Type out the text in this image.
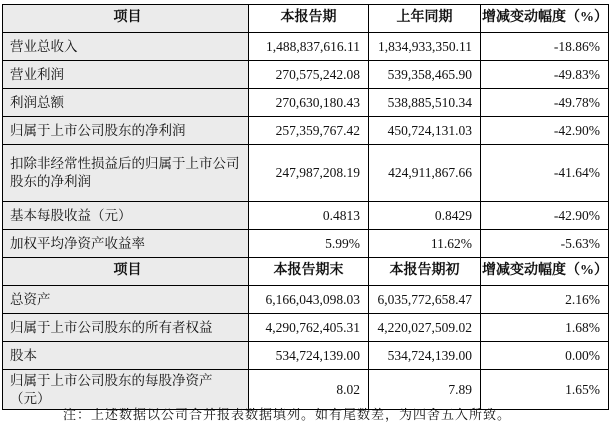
项目	本报告期	上年同期	增减变动幅度（%）
营业总收入	1,488,837,616.11	1,834,933,350.11	-18.86%
营业利润	270,575,242.08	539,358,465.90	-49.83%
利润总额	270,630,180.43	538,885,510.34	-49.78%
归属于上市公司股东的净利润	257,359,767.42	450,724,131.03	-42.90%
扣除非经常性损益后的归属于上市公司股东的净利润	247,987,208.19	424,911,867.66	-41.64%
基本每股收益（元）	0.4813	0.8429	-42.90%
加权平均净资产收益率	5.99%	11.62%	-5.63%
项目	本报告期末	本报告期初	增减变动幅度（%）
总资产	6,166,043,098.03	6,035,772,658.47	2.16%
归属于上市公司股东的所有者权益	4,290,762,405.31	4,220,027,509.02	1.68%
股本	534,724,139.00	534,724,139.00	0.00%
归属于上市公司股东的每股净资产（元）	8.02	7.89	1.65%
注：上述数据以公司合并报表数据填列。如有尾数差，为四舍五入所致。
